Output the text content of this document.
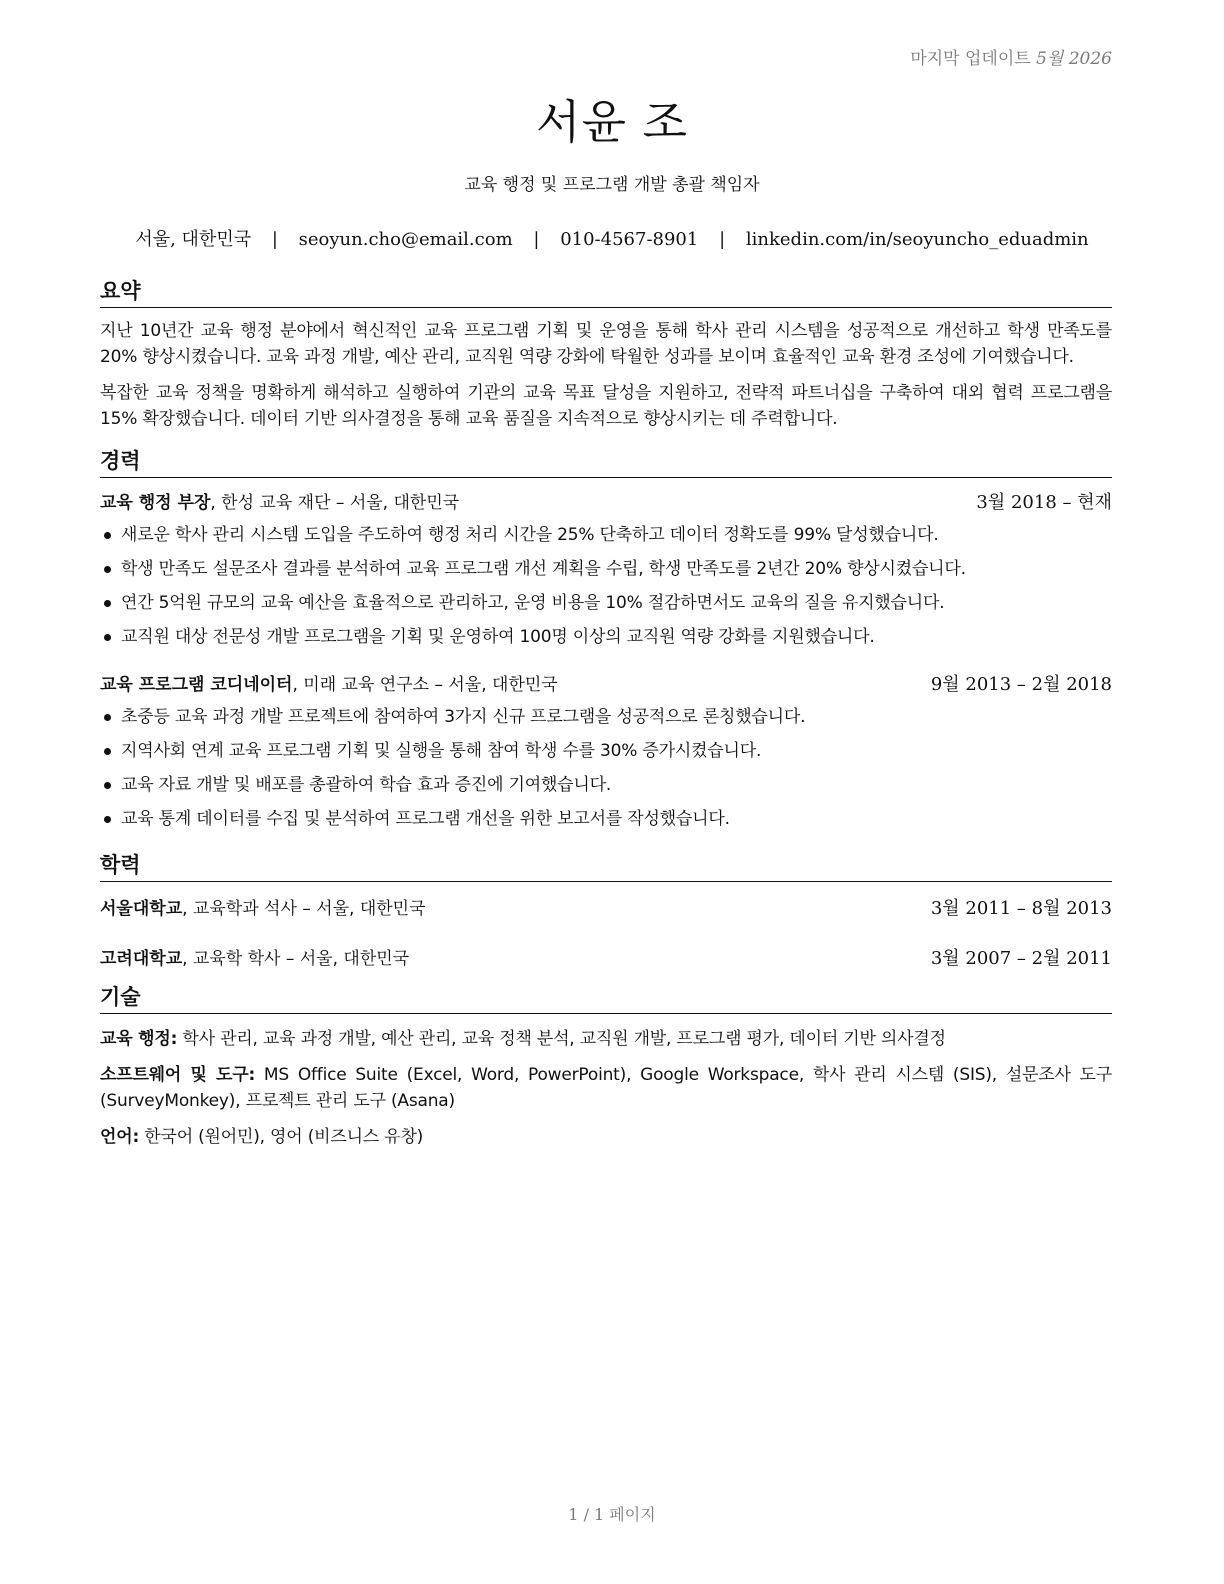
마지막 업데이트 5월 2026
서윤 조
교육 행정 및 프로그램 개발 총괄 책임자
서울, 대한민국 | seoyun.cho@email.com | 010-4567-8901 | linkedin.com/in/seoyuncho_eduadmin
요약

지난 10년간 교육 행정 분야에서 혁신적인 교육 프로그램 기획 및 운영을 통해 학사 관리 시스템을 성공적으로 개선하고 학생 만족도를 20% 향상시켰습니다. 교육 과정 개발, 예산 관리, 교직원 역량 강화에 탁월한 성과를 보이며 효율적인 교육 환경 조성에 기여했습니다.

복잡한 교육 정책을 명확하게 해석하고 실행하여 기관의 교육 목표 달성을 지원하고, 전략적 파트너십을 구축하여 대외 협력 프로그램을 15% 확장했습니다. 데이터 기반 의사결정을 통해 교육 품질을 지속적으로 향상시키는 데 주력합니다.

경력
교육 행정 부장, 한성 교육 재단 – 서울, 대한민국	3월 2018 – 현재
새로운 학사 관리 시스템 도입을 주도하여 행정 처리 시간을 25% 단축하고 데이터 정확도를 99% 달성했습니다.
학생 만족도 설문조사 결과를 분석하여 교육 프로그램 개선 계획을 수립, 학생 만족도를 2년간 20% 향상시켰습니다.
연간 5억원 규모의 교육 예산을 효율적으로 관리하고, 운영 비용을 10% 절감하면서도 교육의 질을 유지했습니다.
교직원 대상 전문성 개발 프로그램을 기획 및 운영하여 100명 이상의 교직원 역량 강화를 지원했습니다.
교육 프로그램 코디네이터, 미래 교육 연구소 – 서울, 대한민국	9월 2013 – 2월 2018
초중등 교육 과정 개발 프로젝트에 참여하여 3가지 신규 프로그램을 성공적으로 론칭했습니다.
지역사회 연계 교육 프로그램 기획 및 실행을 통해 참여 학생 수를 30% 증가시켰습니다.
교육 자료 개발 및 배포를 총괄하여 학습 효과 증진에 기여했습니다.
교육 통계 데이터를 수집 및 분석하여 프로그램 개선을 위한 보고서를 작성했습니다.
학력
서울대학교, 교육학과 석사 – 서울, 대한민국	3월 2011 – 8월 2013
고려대학교, 교육학 학사 – 서울, 대한민국	3월 2007 – 2월 2011
기술

교육 행정: 학사 관리, 교육 과정 개발, 예산 관리, 교육 정책 분석, 교직원 개발, 프로그램 평가, 데이터 기반 의사결정

소프트웨어 및 도구: MS Office Suite (Excel, Word, PowerPoint), Google Workspace, 학사 관리 시스템 (SIS), 설문조사 도구 (SurveyMonkey), 프로젝트 관리 도구 (Asana)

언어: 한국어 (원어민), 영어 (비즈니스 유창)

1 / 1 페이지
